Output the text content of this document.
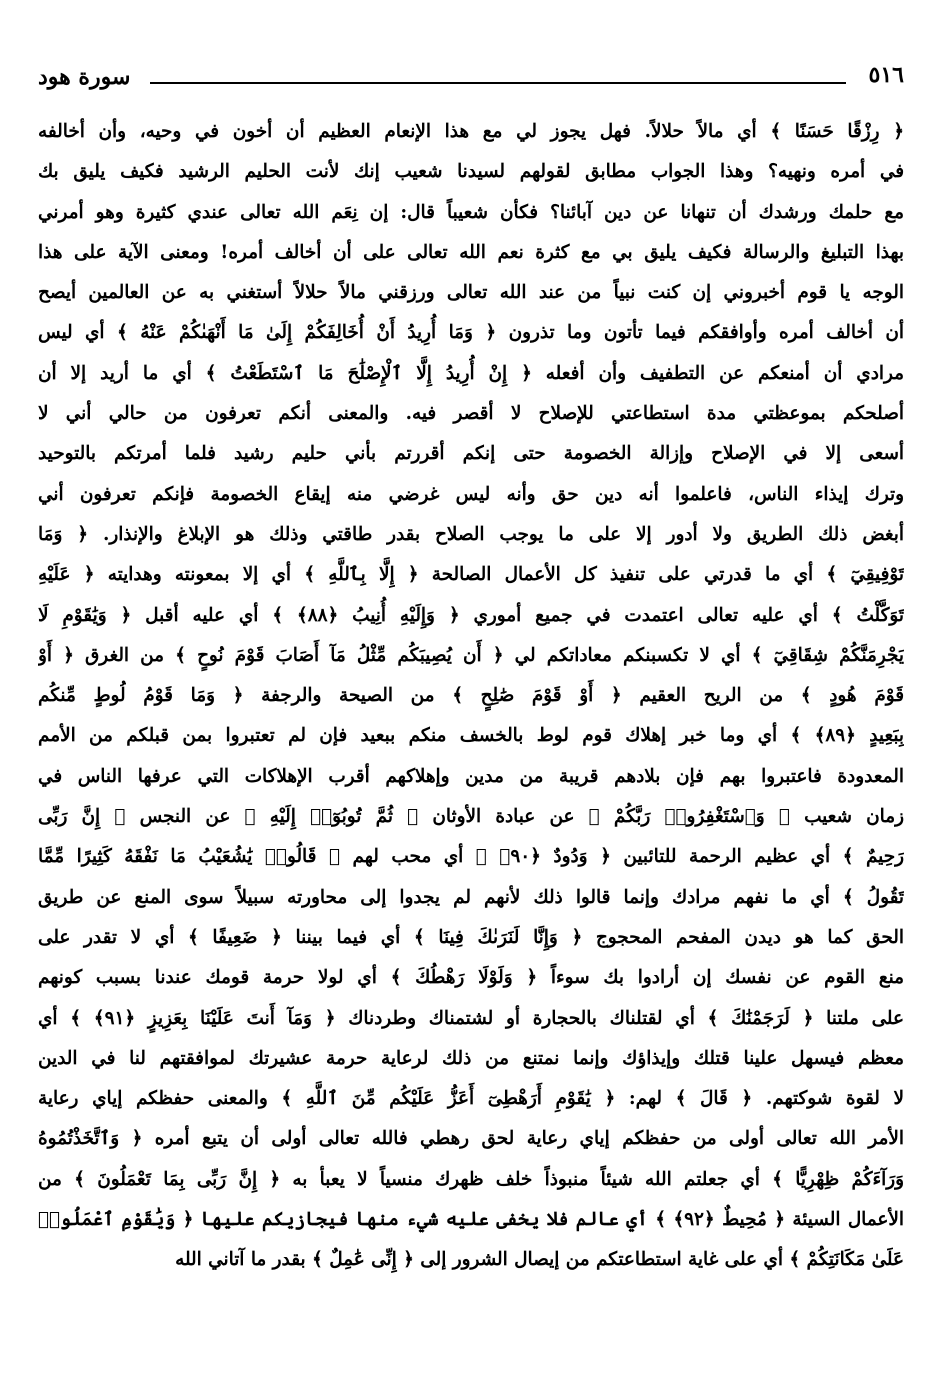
٥١٦
سورة هود
﴿ رِزْقًا حَسَنًا ﴾ أي مالاً حلالاً. فهل يجوز لي مع هذا الإنعام العظيم أن أخون في وحيه، وأن أخالفه
في أمره ونهيه؟ وهذا الجواب مطابق لقولهم لسيدنا شعيب إنك لأنت الحليم الرشيد فكيف يليق بك
مع حلمك ورشدك أن تنهانا عن دين آبائنا؟ فكأن شعيباً قال: إن نِعَم الله تعالى عندي كثيرة وهو أمرني
بهذا التبليغ والرسالة فكيف يليق بي مع كثرة نعم الله تعالى على أن أخالف أمره! ومعنى الآية على هذا
الوجه يا قوم أخبروني إن كنت نبياً من عند الله تعالى ورزقني مالاً حلالاً أستغني به عن العالمين أيصح
أن أخالف أمره وأوافقكم فيما تأتون وما تذرون ﴿ وَمَا أُرِيدُ أَنْ أُخَالِفَكُمْ إِلَىٰ مَا أَنْهَىٰكُمْ عَنْهُ ﴾ أي ليس
مرادي أن أمنعكم عن التطفيف وأن أفعله ﴿ إِنْ أُرِيدُ إِلَّا ٱلْإِصْلَٰحَ مَا ٱسْتَطَعْتُ ﴾ أي ما أريد إلا أن
أصلحكم بموعظتي مدة استطاعتي للإصلاح لا أقصر فيه. والمعنى أنكم تعرفون من حالي أني لا
أسعى إلا في الإصلاح وإزالة الخصومة حتى إنكم أقررتم بأني حليم رشيد فلما أمرتكم بالتوحيد
وترك إيذاء الناس، فاعلموا أنه دين حق وأنه ليس غرضي منه إيقاع الخصومة فإنكم تعرفون أني
أبغض ذلك الطريق ولا أدور إلا على ما يوجب الصلاح بقدر طاقتي وذلك هو الإبلاغ والإنذار. ﴿ وَمَا
تَوْفِيقِيٓ ﴾ أي ما قدرتي على تنفيذ كل الأعمال الصالحة ﴿ إِلَّا بِٱللَّهِ ﴾ أي إلا بمعونته وهدايته ﴿ عَلَيْهِ
تَوَكَّلْتُ ﴾ أي عليه تعالى اعتمدت في جميع أموري ﴿ وَإِلَيْهِ أُنِيبُ ﴿٨٨﴾ ﴾ أي عليه أقبل ﴿ وَيَٰقَوْمِ لَا
يَجْرِمَنَّكُمْ شِقَاقِيٓ ﴾ أي لا تكسبنكم معاداتكم لي ﴿ أَن يُصِيبَكُم مِّثْلُ مَآ أَصَابَ قَوْمَ نُوحٍ ﴾ من الغرق ﴿ أَوْ
قَوْمَ هُودٍ ﴾ من الريح العقيم ﴿ أَوْ قَوْمَ صَٰلِحٍ ﴾ من الصيحة والرجفة ﴿ وَمَا قَوْمُ لُوطٍ مِّنكُم
بِبَعِيدٍ ﴿٨٩﴾ ﴾ أي وما خبر إهلاك قوم لوط بالخسف منكم ببعيد فإن لم تعتبروا بمن قبلكم من الأمم
المعدودة فاعتبروا بهم فإن بلادهم قريبة من مدين وإهلاكهم أقرب الإهلاكات التي عرفها الناس في
زمان شعيب ﴿ وَٱسْتَغْفِرُوا۟ رَبَّكُمْ ﴾ عن عبادة الأوثان ﴿ ثُمَّ تُوبُوٓا۟ إِلَيْهِ ﴾ عن النجس ﴿ إِنَّ رَبِّى
رَحِيمٌ ﴾ أي عظيم الرحمة للتائبين ﴿ وَدُودٌ ﴿٩٠﴾ ﴾ أي محب لهم ﴿ قَالُوا۟ يَٰشُعَيْبُ مَا نَفْقَهُ كَثِيرًا مِّمَّا
تَقُولُ ﴾ أي ما نفهم مرادك وإنما قالوا ذلك لأنهم لم يجدوا إلى محاورته سبيلاً سوى المنع عن طريق
الحق كما هو ديدن المفحم المحجوج ﴿ وَإِنَّا لَنَرَىٰكَ فِينَا ﴾ أي فيما بيننا ﴿ ضَعِيفًا ﴾ أي لا تقدر على
منع القوم عن نفسك إن أرادوا بك سوءاً ﴿ وَلَوْلَا رَهْطُكَ ﴾ أي لولا حرمة قومك عندنا بسبب كونهم
على ملتنا ﴿ لَرَجَمْنَٰكَ ﴾ أي لقتلناك بالحجارة أو لشتمناك وطردناك ﴿ وَمَآ أَنتَ عَلَيْنَا بِعَزِيزٍ ﴿٩١﴾ ﴾ أي
معظم فيسهل علينا قتلك وإيذاؤك وإنما نمتنع من ذلك لرعاية حرمة عشيرتك لموافقتهم لنا في الدين
لا لقوة شوكتهم. ﴿ قَالَ ﴾ لهم: ﴿ يَٰقَوْمِ أَرَهْطِىٓ أَعَزُّ عَلَيْكُم مِّنَ ٱللَّهِ ﴾ والمعنى حفظكم إياي رعاية
الأمر الله تعالى أولى من حفظكم إياي رعاية لحق رهطي فالله تعالى أولى أن يتبع أمره ﴿ وَٱتَّخَذْتُمُوهُ
وَرَآءَكُمْ ظِهْرِيًّا ﴾ أي جعلتم الله شيئاً منبوذاً خلف ظهرك منسياً لا يعبأ به ﴿ إِنَّ رَبِّى بِمَا تَعْمَلُونَ ﴾ من
الأعمال السيئة ﴿ مُحِيطٌ ﴿٩٢﴾ ﴾ أي عالم فلا يخفى عليه شيء منها فيجازيكم عليها ﴿ وَيَٰقَوْمِ ٱعْمَلُوا۟
عَلَىٰ مَكَانَتِكُمْ ﴾ أي على غاية استطاعتكم من إيصال الشرور إلى ﴿ إِنِّى عَٰمِلٌ ﴾ بقدر ما آتاني الله
